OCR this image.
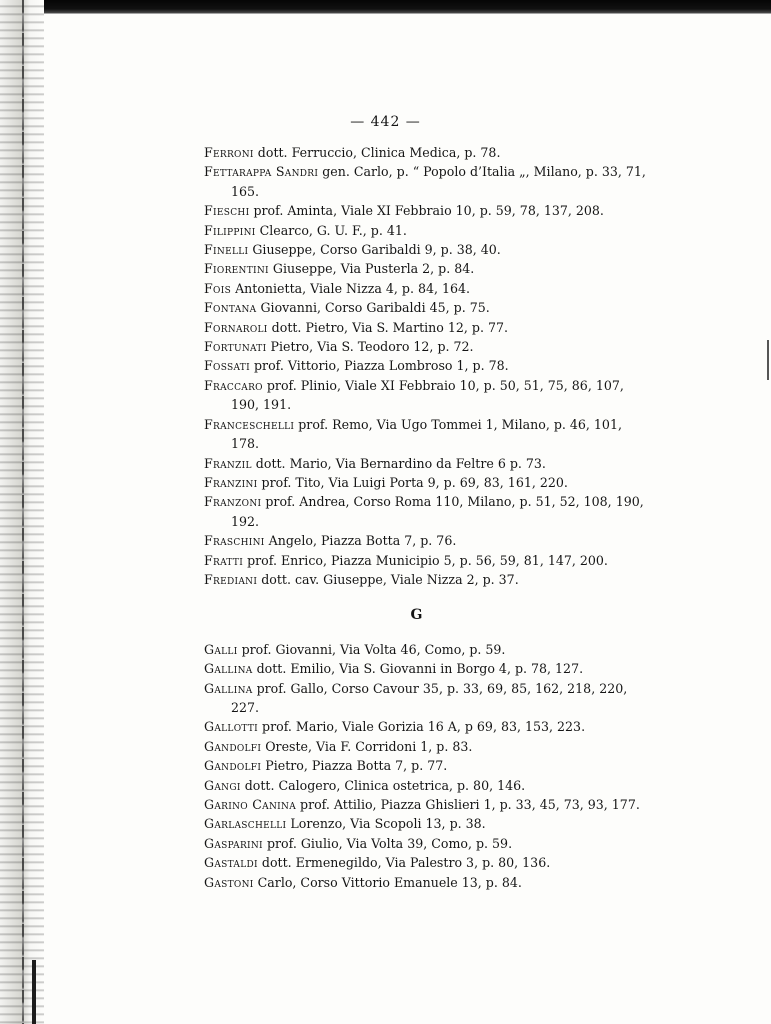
— 442 —

Ferroni dott. Ferruccio, Clinica Medica, p. 78.

Fettarappa Sandri gen. Carlo, p. “ Popolo d’Italia „, Milano, p. 33, 71, 165.

Fieschi prof. Aminta, Viale XI Febbraio 10, p. 59, 78, 137, 208.

Filippini Clearco, G. U. F., p. 41.

Finelli Giuseppe, Corso Garibaldi 9, p. 38, 40.

Fiorentini Giuseppe, Via Pusterla 2, p. 84.

Fois Antonietta, Viale Nizza 4, p. 84, 164.

Fontana Giovanni, Corso Garibaldi 45, p. 75.

Fornaroli dott. Pietro, Via S. Martino 12, p. 77.

Fortunati Pietro, Via S. Teodoro 12, p. 72.

Fossati prof. Vittorio, Piazza Lombroso 1, p. 78.

Fraccaro prof. Plinio, Viale XI Febbraio 10, p. 50, 51, 75, 86, 107, 190, 191.

Franceschelli prof. Remo, Via Ugo Tommei 1, Milano, p. 46, 101, 178.

Franzil dott. Mario, Via Bernardino da Feltre 6 p. 73.

Franzini prof. Tito, Via Luigi Porta 9, p. 69, 83, 161, 220.

Franzoni prof. Andrea, Corso Roma 110, Milano, p. 51, 52, 108, 190, 192.

Fraschini Angelo, Piazza Botta 7, p. 76.

Fratti prof. Enrico, Piazza Municipio 5, p. 56, 59, 81, 147, 200.

Frediani dott. cav. Giuseppe, Viale Nizza 2, p. 37.

G

Galli prof. Giovanni, Via Volta 46, Como, p. 59.

Gallina dott. Emilio, Via S. Giovanni in Borgo 4, p. 78, 127.

Gallina prof. Gallo, Corso Cavour 35, p. 33, 69, 85, 162, 218, 220, 227.

Gallotti prof. Mario, Viale Gorizia 16 A, p 69, 83, 153, 223.

Gandolfi Oreste, Via F. Corridoni 1, p. 83.

Gandolfi Pietro, Piazza Botta 7, p. 77.

Gangi dott. Calogero, Clinica ostetrica, p. 80, 146.

Garino Canina prof. Attilio, Piazza Ghislieri 1, p. 33, 45, 73, 93, 177.

Garlaschelli Lorenzo, Via Scopoli 13, p. 38.

Gasparini prof. Giulio, Via Volta 39, Como, p. 59.

Gastaldi dott. Ermenegildo, Via Palestro 3, p. 80, 136.

Gastoni Carlo, Corso Vittorio Emanuele 13, p. 84.
